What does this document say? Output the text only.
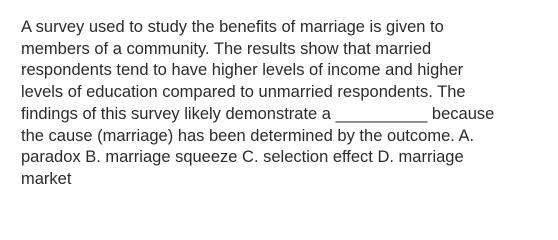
A survey used to study the benefits of marriage is given to
members of a community. The results show that married
respondents tend to have higher levels of income and higher
levels of education compared to unmarried respondents. The
findings of this survey likely demonstrate a __________ because
the cause (marriage) has been determined by the outcome. A.
paradox B. marriage squeeze C. selection effect D. marriage
market
